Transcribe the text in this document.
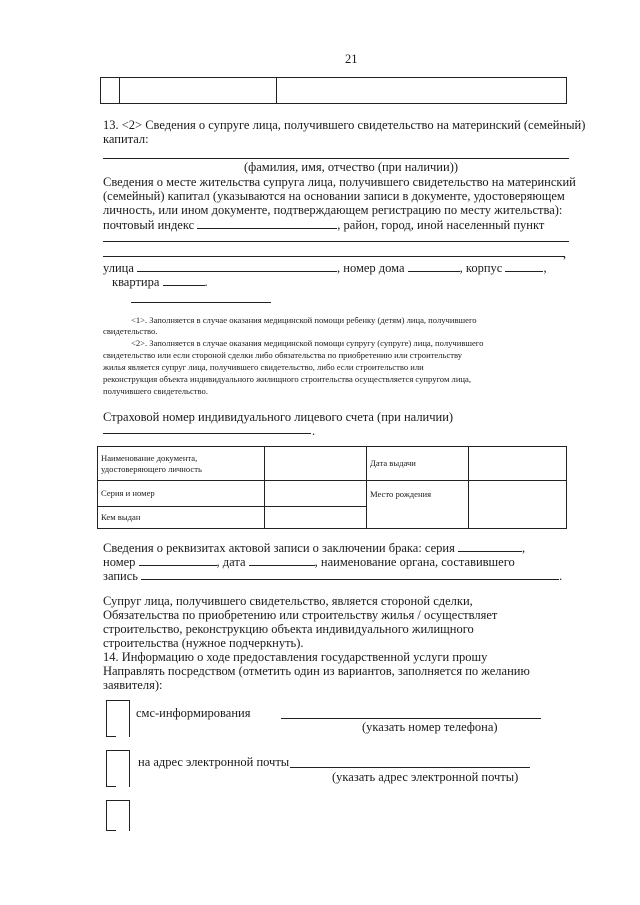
21

13. <2> Сведения о супруге лица, получившего свидетельство на материнский (семейный)
капитал:
(фамилия, имя, отчество (при наличии))
Сведения о месте жительства супруга лица, получившего свидетельство на материнский
(семейный) капитал (указываются на основании записи в документе, удостоверяющем
личность, или ином документе, подтверждающем регистрацию по месту жительства):
почтовый индекс	, район, город, иной населенный пункт
,
улица	, номер дома	, корпус	,
квартира	.
<1>. Заполняется в случае оказания медицинской помощи ребенку (детям) лица, получившего
свидетельство.
<2>. Заполняется в случае оказания медицинской помощи супругу (супруге) лица, получившего
свидетельство или если стороной сделки либо обязательства по приобретению или строительству
жилья является супруг лица, получившего свидетельство, либо если строительство или
реконструкция объекта индивидуального жилищного строительства осуществляется супругом лица,
получившего свидетельство.
Страховой номер индивидуального лицевого счета (при наличии)
.
Наименование документа, удостоверяющего личность		Дата выдачи	
Серия и номер		Место рождения	
Кем выдан			
Сведения о реквизитах актовой записи о заключении брака: серия	,
номер	, дата	, наименование органа, составившего
запись	.
Супруг лица, получившего свидетельство, является стороной сделки,
Обязательства по приобретению или строительству жилья / осуществляет
строительство, реконструкцию объекта индивидуального жилищного
строительства (нужное подчеркнуть).
14. Информацию о ходе предоставления государственной услуги прошу
Направлять посредством (отметить один из вариантов, заполняется по желанию
заявителя):
смс-информирования
(указать номер телефона)
на адрес электронной почты
(указать адрес электронной почты)
